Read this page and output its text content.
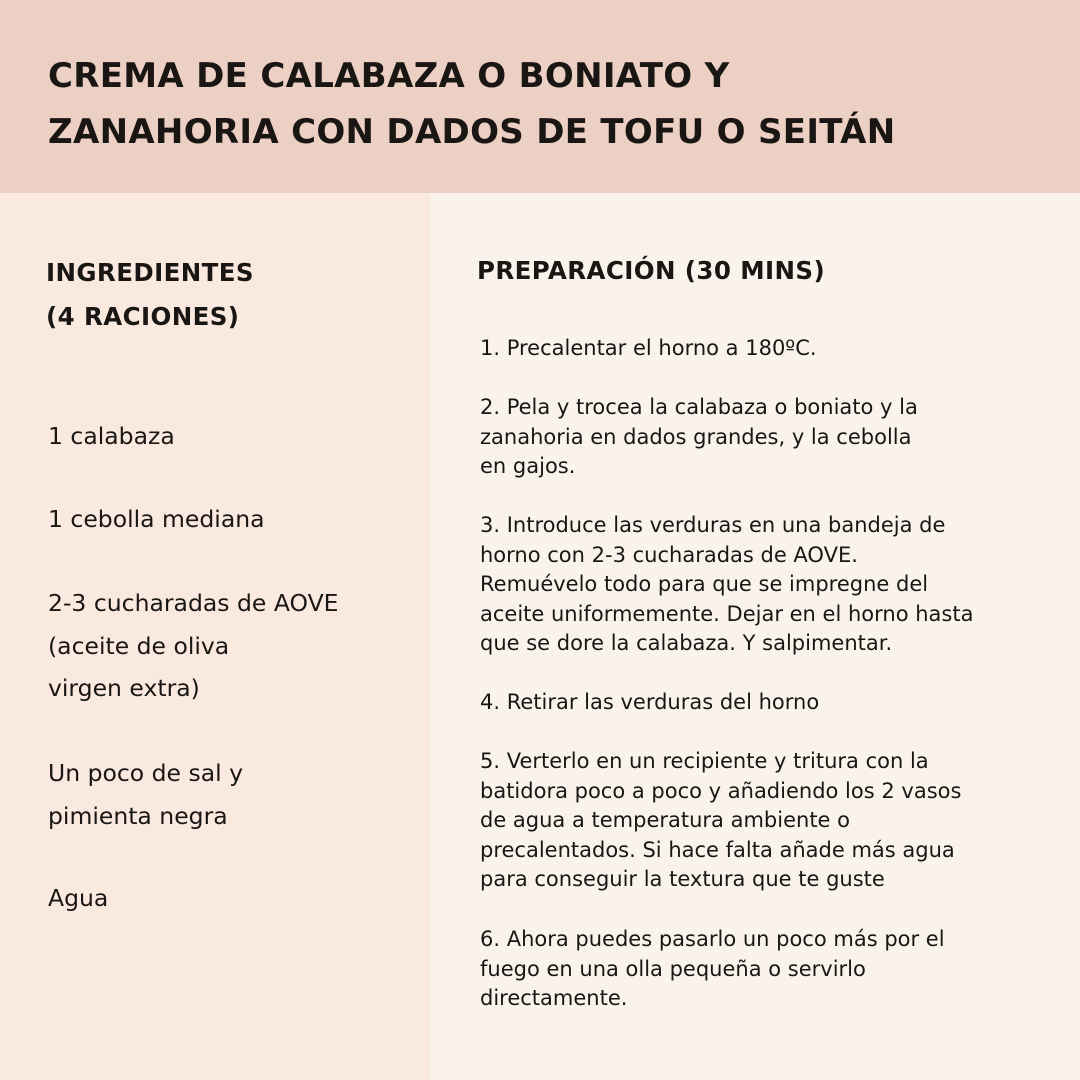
CREMA DE CALABAZA O BONIATO Y
ZANAHORIA CON DADOS DE TOFU O SEITÁN
INGREDIENTES
(4 RACIONES)
1 calabaza
1 cebolla mediana
2-3 cucharadas de AOVE
(aceite de oliva
virgen extra)
Un poco de sal y
pimienta negra
Agua
PREPARACIÓN (30 MINS)
1. Precalentar el horno a 180ºC.
2. Pela y trocea la calabaza o boniato y la
zanahoria en dados grandes, y la cebolla
en gajos.
3. Introduce las verduras en una bandeja de
horno con 2-3 cucharadas de AOVE.
Remuévelo todo para que se impregne del
aceite uniformemente. Dejar en el horno hasta
que se dore la calabaza. Y salpimentar.
4. Retirar las verduras del horno
5. Verterlo en un recipiente y tritura con la
batidora poco a poco y añadiendo los 2 vasos
de agua a temperatura ambiente o
precalentados. Si hace falta añade más agua
para conseguir la textura que te guste
6. Ahora puedes pasarlo un poco más por el
fuego en una olla pequeña o servirlo
directamente.
